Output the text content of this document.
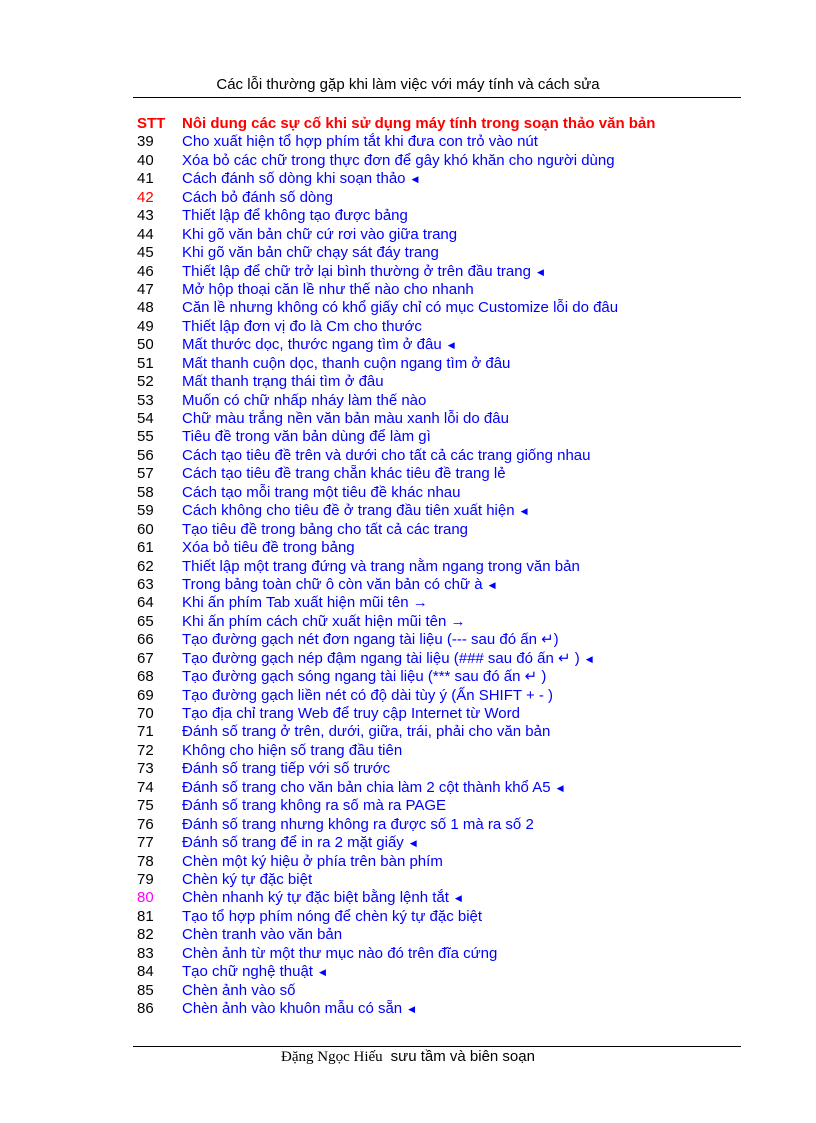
Các lỗi thường gặp khi làm việc với máy tính và cách sửa
STT	Nôi dung các sự cố khi sử dụng máy tính trong soạn thảo văn bản
39	Cho xuất hiện tổ hợp phím tắt khi đưa con trỏ vào nút
40	Xóa bỏ các chữ trong thực đơn để gây khó khăn cho người dùng
41	Cách đánh số dòng khi soạn thảo ◀
42	Cách bỏ đánh số dòng
43	Thiết lập để không tạo được bảng
44	Khi gõ văn bản chữ cứ rơi vào giữa trang
45	Khi gõ văn bản chữ chạy sát đáy trang
46	Thiết lập để chữ trở lại bình thường ở trên đầu trang ◀
47	Mở hộp thoại căn lề như thế nào cho nhanh
48	Căn lề nhưng không có khổ giấy chỉ có mục Customize lỗi do đâu
49	Thiết lập đơn vị đo là Cm cho thước
50	Mất thước dọc, thước ngang tìm ở đâu ◀
51	Mất thanh cuộn dọc, thanh cuộn ngang tìm ở đâu
52	Mất thanh trạng thái tìm ở đâu
53	Muốn có chữ nhấp nháy làm thế nào
54	Chữ màu trắng nền văn bản màu xanh lỗi do đâu
55	Tiêu đề trong văn bản dùng để làm gì
56	Cách tạo tiêu đề trên và dưới cho tất cả các trang giống nhau
57	Cách tạo tiêu đề trang chẵn khác tiêu đề trang lẻ
58	Cách tạo mỗi trang một tiêu đề khác nhau
59	Cách không cho tiêu đề ở trang đầu tiên xuất hiện ◀
60	Tạo tiêu đề trong bảng cho tất cả các trang
61	Xóa bỏ tiêu đề trong bảng
62	Thiết lập một trang đứng và trang nằm ngang trong văn bản
63	Trong bảng toàn chữ ô còn văn bản có chữ à ◀
64	Khi ấn phím Tab xuất hiện mũi tên →
65	Khi ấn phím cách chữ xuất hiện mũi tên →
66	Tạo đường gạch nét đơn ngang tài liệu (--- sau đó ấn ↵)
67	Tạo đường gạch nép đậm ngang tài liệu (### sau đó ấn ↵ ) ◀
68	Tạo đường gạch sóng ngang tài liệu (*** sau đó ấn ↵ )
69	Tạo đường gạch liền nét có độ dài tùy ý (Ấn SHIFT + - )
70	Tạo địa chỉ trang Web để truy cập Internet từ Word
71	Đánh số trang ở trên, dưới, giữa, trái, phải cho văn bản
72	Không cho hiện số trang đầu tiên
73	Đánh số trang tiếp với số trước
74	Đánh số trang cho văn bản chia làm 2 cột thành khổ A5 ◀
75	Đánh số trang không ra số mà ra PAGE
76	Đánh số trang nhưng không ra được số 1 mà ra số 2
77	Đánh số trang để in ra 2 mặt giấy ◀
78	Chèn một ký hiệu ở phía trên bàn phím
79	Chèn ký tự đặc biệt
80	Chèn nhanh ký tự đặc biệt bằng lệnh tắt ◀
81	Tạo tổ hợp phím nóng để chèn ký tự đặc biệt
82	Chèn tranh vào văn bản
83	Chèn ảnh từ một thư mục nào đó trên đĩa cứng
84	Tạo chữ nghệ thuật ◀
85	Chèn ảnh vào số
86	Chèn ảnh vào khuôn mẫu có sẵn ◀
Đặng Ngọc Hiếu sưu tầm và biên soạn
